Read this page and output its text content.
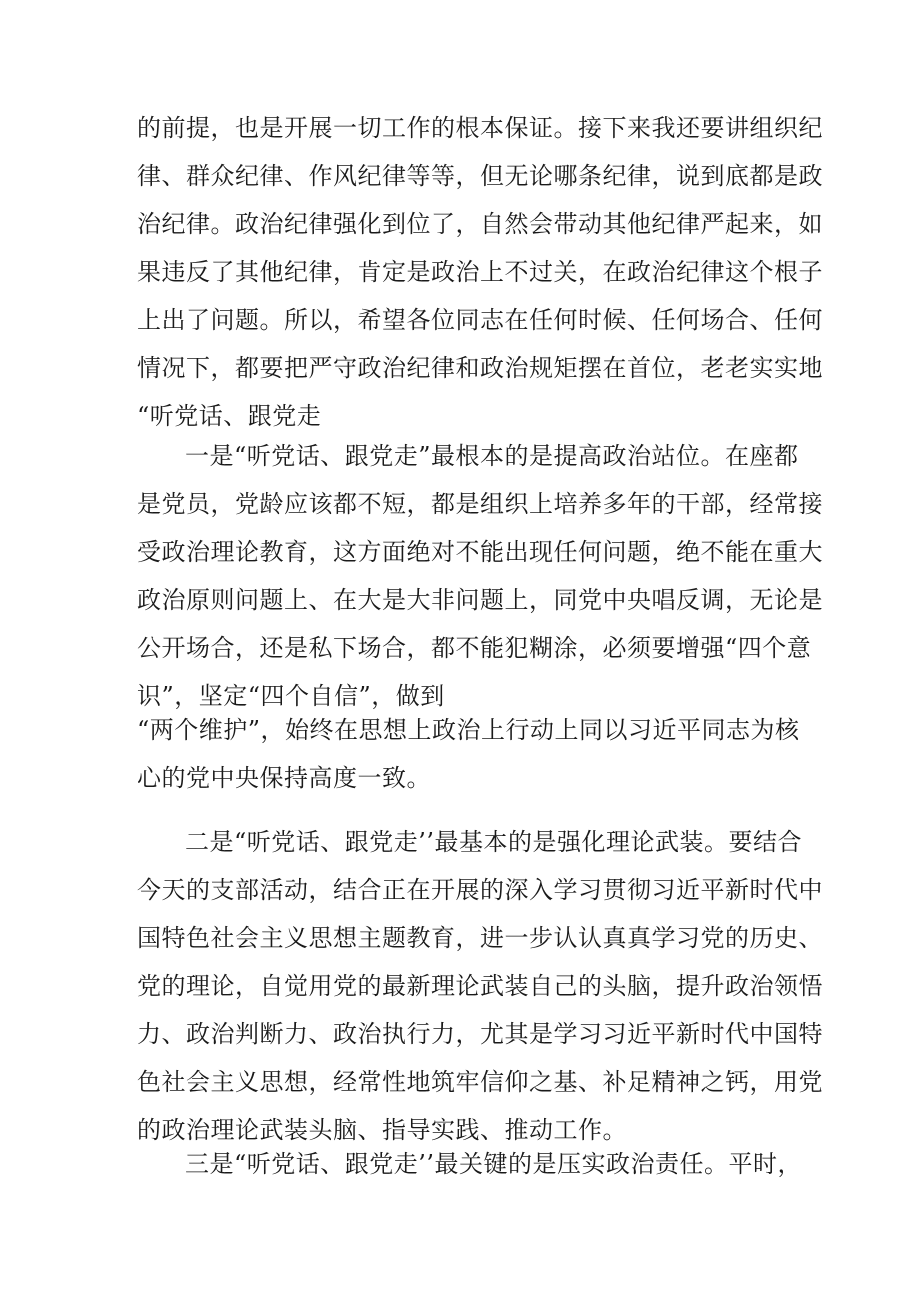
的前提，也是开展一切工作的根本保证。接下来我还要讲组织纪
律、群众纪律、作风纪律等等，但无论哪条纪律，说到底都是政
治纪律。政治纪律强化到位了，自然会带动其他纪律严起来，如
果违反了其他纪律，肯定是政治上不过关，在政治纪律这个根子
上出了问题。所以，希望各位同志在任何时候、任何场合、任何
情况下，都要把严守政治纪律和政治规矩摆在首位，老老实实地
“听党话、跟党走
一是“听党话、跟党走”最根本的是提高政治站位。在座都
是党员，党龄应该都不短，都是组织上培养多年的干部，经常接
受政治理论教育，这方面绝对不能出现任何问题，绝不能在重大
政治原则问题上、在大是大非问题上，同党中央唱反调，无论是
公开场合，还是私下场合，都不能犯糊涂，必须要增强“四个意
识”，坚定“四个自信”，做到
“两个维护”，始终在思想上政治上行动上同以习近平同志为核
心的党中央保持高度一致。
二是“听党话、跟党走’’最基本的是强化理论武装。要结合
今天的支部活动，结合正在开展的深入学习贯彻习近平新时代中
国特色社会主义思想主题教育，进一步认认真真学习党的历史、
党的理论，自觉用党的最新理论武装自己的头脑，提升政治领悟
力、政治判断力、政治执行力，尤其是学习习近平新时代中国特
色社会主义思想，经常性地筑牢信仰之基、补足精神之钙，用党
的政治理论武装头脑、指导实践、推动工作。
三是“听党话、跟党走’’最关键的是压实政治责任。平时，
